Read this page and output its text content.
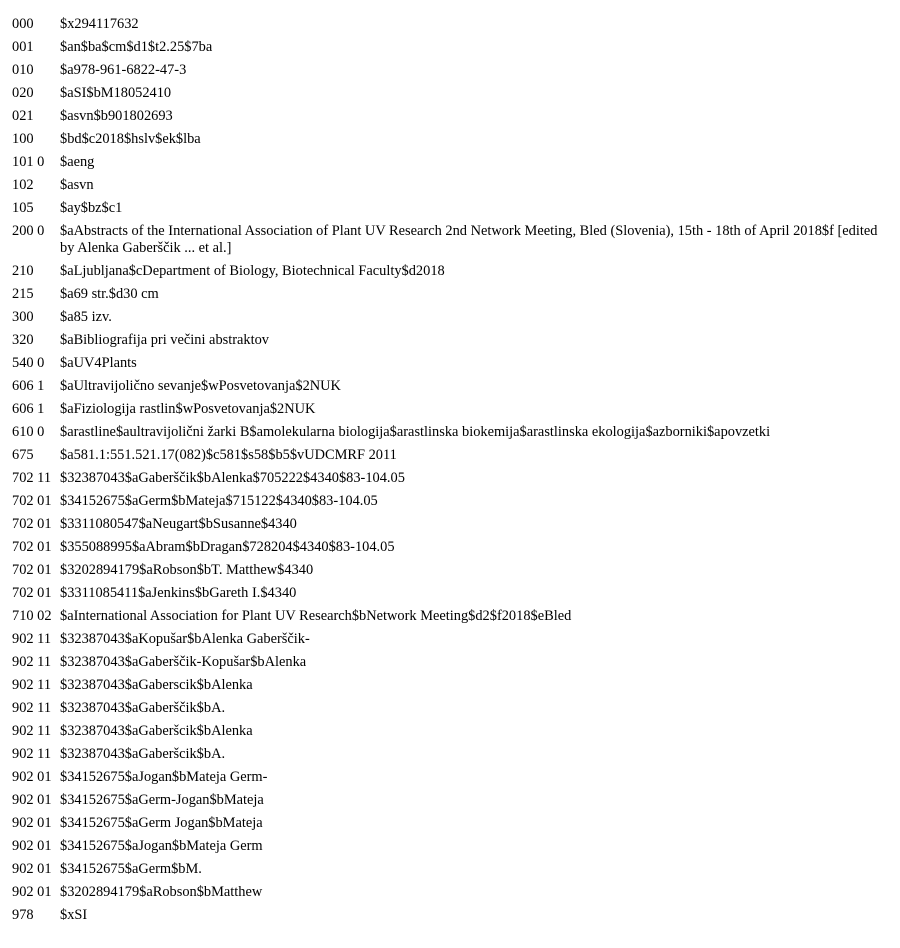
000	$x294117632
001	$an$ba$cm$d1$t2.25$7ba
010	$a978-961-6822-47-3
020	$aSI$bM18052410
021	$asvn$b901802693
100	$bd$c2018$hslv$ek$lba
101 0	$aeng
102	$asvn
105	$ay$bz$c1
200 0	$aAbstracts of the International Association of Plant UV Research 2nd Network Meeting, Bled (Slovenia), 15th - 18th of April 2018$f [edited by Alenka Gaberščik ... et al.]
210	$aLjubljana$cDepartment of Biology, Biotechnical Faculty$d2018
215	$a69 str.$d30 cm
300	$a85 izv.
320	$aBibliografija pri večini abstraktov
540 0	$aUV4Plants
606 1	$aUltravijolično sevanje$wPosvetovanja$2NUK
606 1	$aFiziologija rastlin$wPosvetovanja$2NUK
610 0	$arastline$aultravijolični žarki B$amolekularna biologija$arastlinska biokemija$arastlinska ekologija$azborniki$apovzetki
675	$a581.1:551.521.17(082)$c581$s58$b5$vUDCMRF 2011
702 11	$32387043$aGaberščik$bAlenka$705222$4340$83-104.05
702 01	$34152675$aGerm$bMateja$715122$4340$83-104.05
702 01	$3311080547$aNeugart$bSusanne$4340
702 01	$355088995$aAbram$bDragan$728204$4340$83-104.05
702 01	$3202894179$aRobson$bT. Matthew$4340
702 01	$3311085411$aJenkins$bGareth I.$4340
710 02	$aInternational Association for Plant UV Research$bNetwork Meeting$d2$f2018$eBled
902 11	$32387043$aKopušar$bAlenka Gaberščik-
902 11	$32387043$aGaberščik-Kopušar$bAlenka
902 11	$32387043$aGaberscik$bAlenka
902 11	$32387043$aGaberščik$bA.
902 11	$32387043$aGaberšcik$bAlenka
902 11	$32387043$aGaberšcik$bA.
902 01	$34152675$aJogan$bMateja Germ-
902 01	$34152675$aGerm-Jogan$bMateja
902 01	$34152675$aGerm Jogan$bMateja
902 01	$34152675$aJogan$bMateja Germ
902 01	$34152675$aGerm$bM.
902 01	$3202894179$aRobson$bMatthew
978	$xSI
